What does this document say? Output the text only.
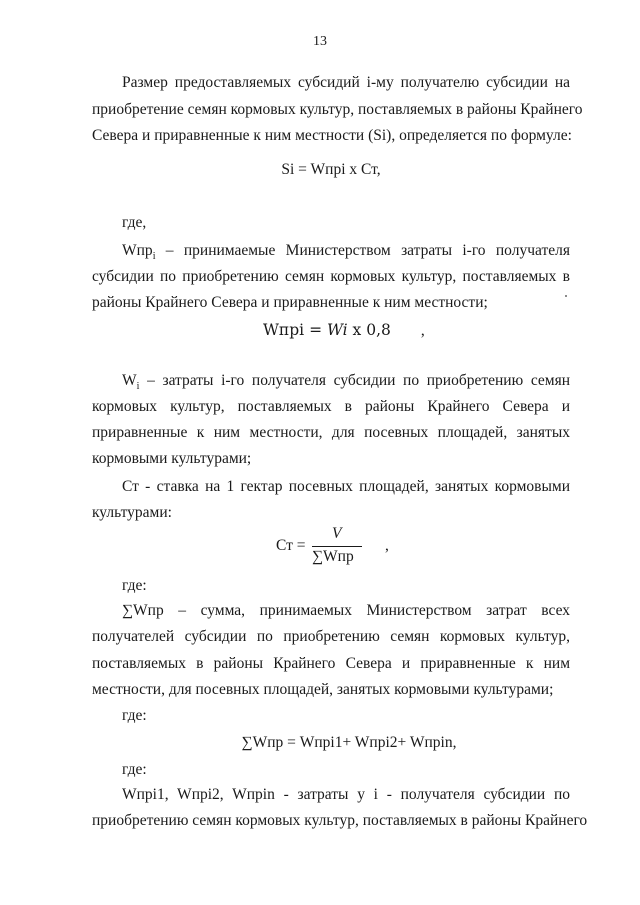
13
Размер предоставляемых субсидий i-му получателю субсидии на
приобретение семян кормовых культур, поставляемых в районы Крайнего
Севера и приравненные к ним местности (Si), определяется по формуле:
Si = Wпрi х Ст,
где,
Wпр$_i$ – принимаемые Министерством затраты i-го получателя
субсидии по приобретению семян кормовых культур, поставляемых в
районы Крайнего Севера и приравненные к ним местности;
Wпрi = Wi х 0,8 ,
$W_i$ – затраты i-го получателя субсидии по приобретению семян
кормовых культур, поставляемых в районы Крайнего Севера и
приравненные к ним местности, для посевных площадей, занятых
кормовыми культурами;
Ст - ставка на 1 гектар посевных площадей, занятых кормовыми
культурами:
Ст =
V
∑Wпр
,
где:
∑Wпр – сумма, принимаемых Министерством затрат всех
получателей субсидии по приобретению семян кормовых культур,
поставляемых в районы Крайнего Севера и приравненные к ним
местности, для посевных площадей, занятых кормовыми культурами;
где:
∑Wпр = Wпрi1+ Wпрi2+ Wпрin,
где:
Wпрi1, Wпрi2, Wпрin - затраты у i - получателя субсидии по
приобретению семян кормовых культур, поставляемых в районы Крайнего
